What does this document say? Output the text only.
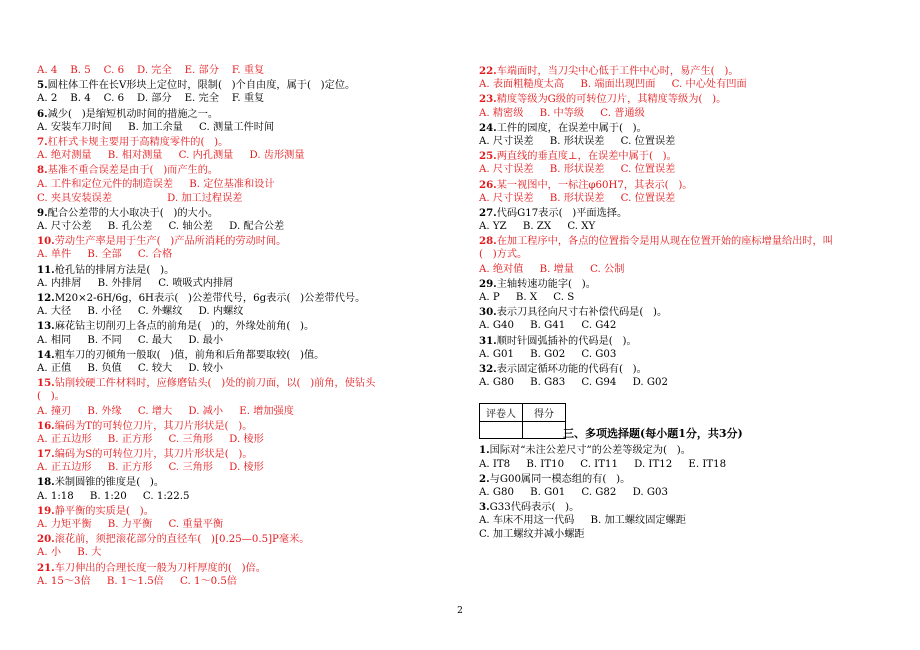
A. 4    B. 5    C. 6    D. 完全    E. 部分    F. 重复
5.圆柱体工件在长V形块上定位时，限制(   )个自由度，属于(   )定位。
A. 2    B. 4    C. 6    D. 部分    E. 完全    F. 重复
6.减少(   )是缩短机动时间的措施之一。
A. 安装车刀时间     B. 加工余量     C. 测量工件时间
7.杠杆式卡规主要用于高精度零件的(   )。
A. 绝对测量     B. 相对测量     C. 内孔测量     D. 齿形测量
8.基准不重合误差是由于(   )而产生的。
A. 工件和定位元件的制造误差     B. 定位基准和设计
C. 夹具安装误差                 D. 加工过程误差
9.配合公差带的大小取决于(   )的大小。
A. 尺寸公差     B. 孔公差     C. 轴公差     D. 配合公差
10.劳动生产率是用于生产(   )产品所消耗的劳动时间。
A. 单件     B. 全部     C. 合格
11.枪孔钻的排屑方法是(   )。
A. 内排屑     B. 外排屑     C. 喷吸式内排屑
12.M20×2-6H/6g，6H表示(   )公差带代号，6g表示(   )公差带代号。
A. 大径     B. 小径     C. 外螺纹     D. 内螺纹
13.麻花钻主切削刃上各点的前角是(   )的，外缘处前角(   )。
A. 相同     B. 不同     C. 最大     D. 最小
14.粗车刀的刃倾角一般取(   )值，前角和后角都要取较(   )值。
A. 正值     B. 负值     C. 较大     D. 较小
15.钻削较硬工件材料时，应修磨钻头(   )处的前刀面，以(   )前角，使钻头
(   )。
A. 撞刃     B. 外缘     C. 增大     D. 减小     E. 增加强度
16.编码为T的可转位刀片，其刀片形状是(   )。
A. 正五边形     B. 正方形     C. 三角形     D. 棱形
17.编码为S的可转位刀片，其刀片形状是(   )。
A. 正五边形     B. 正方形     C. 三角形     D. 棱形
18.米制圆锥的锥度是(   )。
A. 1:18     B. 1:20     C. 1:22.5
19.静平衡的实质是(   )。
A. 力矩平衡     B. 力平衡     C. 重量平衡
20.滚花前，须把滚花部分的直径车(   )[0.25—0.5]P毫米。
A. 小     B. 大
21.车刀伸出的合理长度一般为刀杆厚度的(   )倍。
A. 15～3倍     B. 1～1.5倍     C. 1～0.5倍
22.车端面时，当刀尖中心低于工件中心时，易产生(   )。
A. 表面粗糙度太高     B. 端面出现凹面     C. 中心处有凹面
23.精度等级为G级的可转位刀片，其精度等级为(   )。
A. 精密级     B. 中等级     C. 普通级
24.工件的园度，在误差中属于(   )。
A. 尺寸误差     B. 形状误差     C. 位置误差
25.两直线的垂直度⊥，在误差中属于(   )。
A. 尺寸误差     B. 形状误差     C. 位置误差
26.某一视图中，一标注φ60H7，其表示(   )。
A. 尺寸误差     B. 形状误差     C. 位置误差
27.代码G17表示(   )平面选择。
A. YZ     B. ZX     C. XY
28.在加工程序中，各点的位置指令是用从现在位置开始的座标增量给出时，叫
(   )方式。
A. 绝对值     B. 增量     C. 公制
29.主轴转速功能字(   )。
A. P     B. X     C. S
30.表示刀具径向尺寸右补偿代码是(   )。
A. G40     B. G41     C. G42
31.顺时针圆弧插补的代码是(   )。
A. G01     B. G02     C. G03
32.表示固定循环功能的代码有(   )。
A. G80     B. G83     C. G94     D. G02
评卷人	得分

三、多项选择题(每小题1分，共3分)
1.国际对“未注公差尺寸”的公差等级定为(   )。
A. IT8     B. IT10     C. IT11     D. IT12     E. IT18
2.与G00属同一模态组的有(   )。
A. G80     B. G01     C. G82     D. G03
3.G33代码表示(   )。
A. 车床不用这一代码     B. 加工螺纹固定螺距
C. 加工螺纹并减小螺距
2
